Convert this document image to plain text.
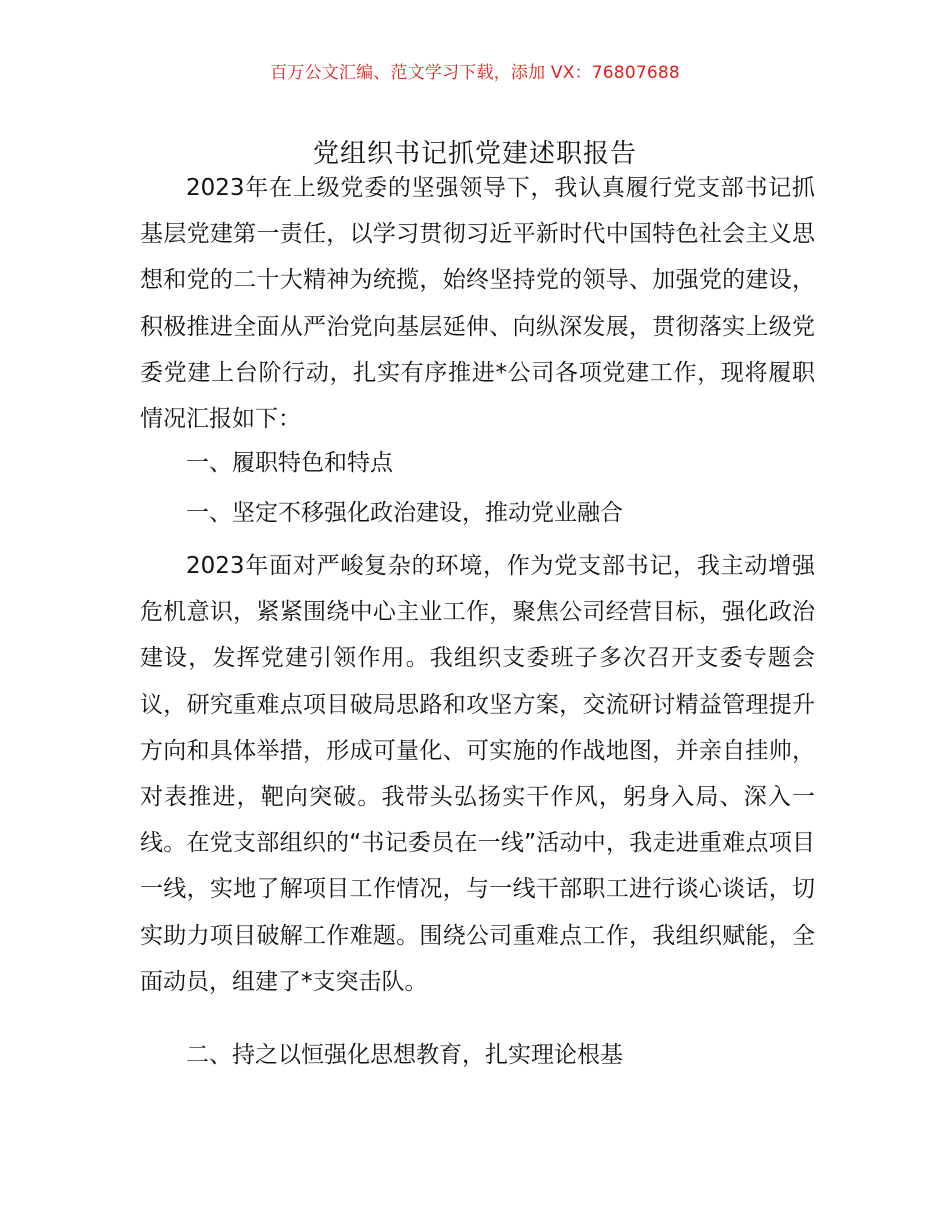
百万公文汇编、范文学习下载，添加 VX：76807688
党组织书记抓党建述职报告

2023年在上级党委的坚强领导下，我认真履行党支部书记抓基层党建第一责任，以学习贯彻习近平新时代中国特色社会主义思想和党的二十大精神为统揽，始终坚持党的领导、加强党的建设，积极推进全面从严治党向基层延伸、向纵深发展，贯彻落实上级党委党建上台阶行动，扎实有序推进*公司各项党建工作，现将履职情况汇报如下：

一、履职特色和特点

一、坚定不移强化政治建设，推动党业融合

2023年面对严峻复杂的环境，作为党支部书记，我主动增强危机意识，紧紧围绕中心主业工作，聚焦公司经营目标，强化政治建设，发挥党建引领作用。我组织支委班子多次召开支委专题会议，研究重难点项目破局思路和攻坚方案，交流研讨精益管理提升方向和具体举措，形成可量化、可实施的作战地图，并亲自挂帅，对表推进，靶向突破。我带头弘扬实干作风，躬身入局、深入一线。在党支部组织的“书记委员在一线”活动中，我走进重难点项目一线，实地了解项目工作情况，与一线干部职工进行谈心谈话，切实助力项目破解工作难题。围绕公司重难点工作，我组织赋能，全面动员，组建了*支突击队。

二、持之以恒强化思想教育，扎实理论根基
